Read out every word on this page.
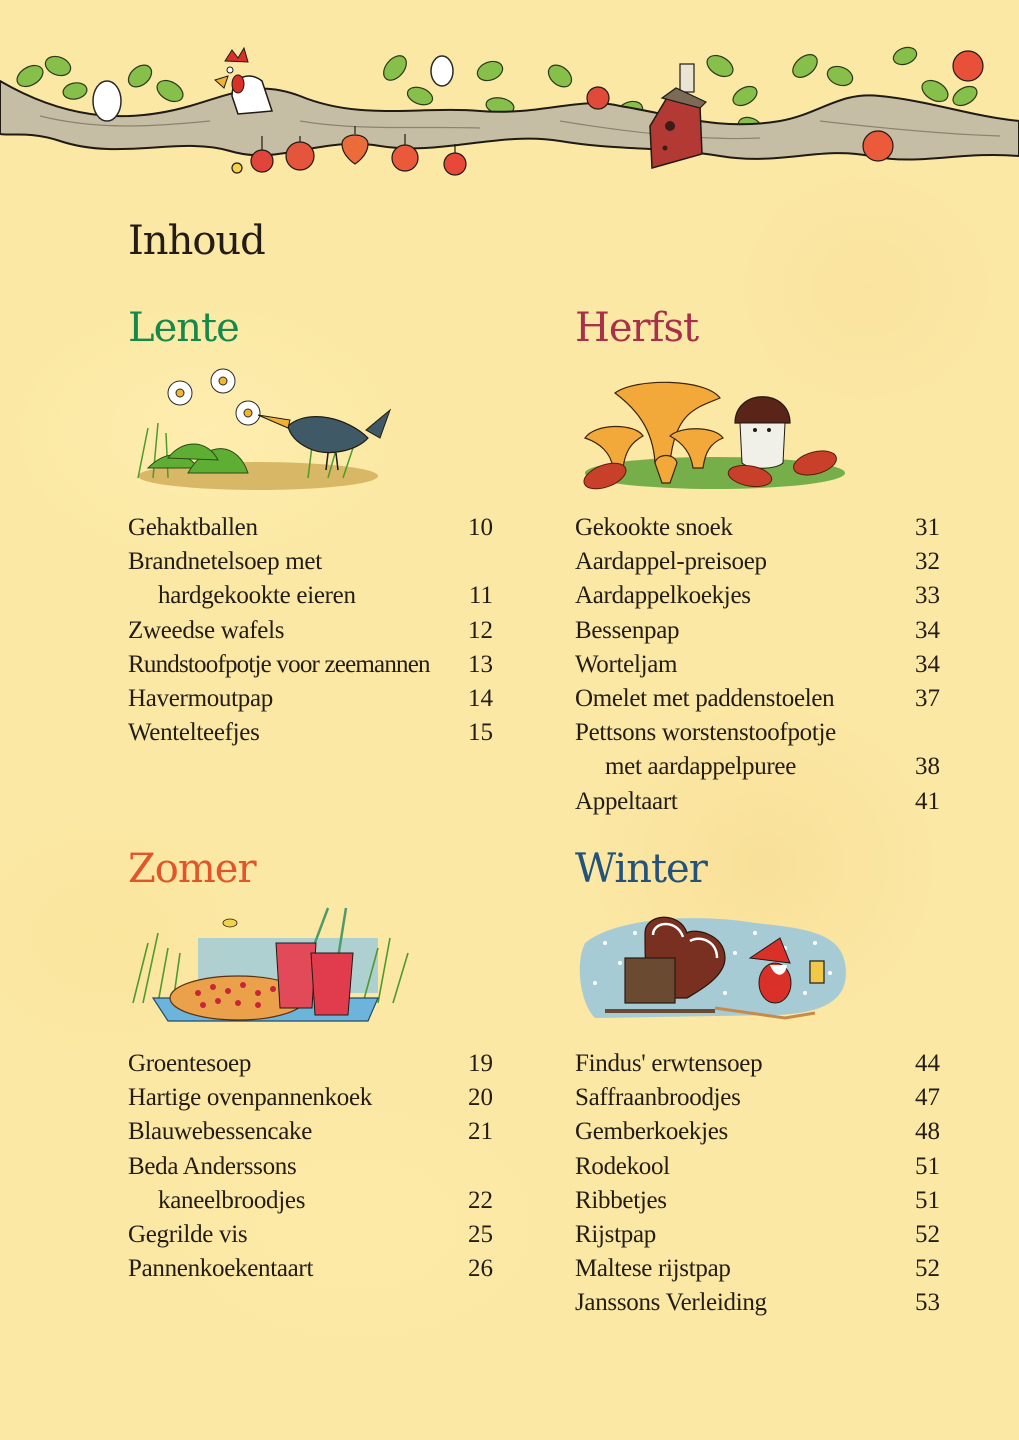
Inhoud
Lente
Gehaktballen	10
Brandnetelsoep met
hardgekookte eieren	11
Zweedse wafels	12
Rundstoofpotje voor zeemannen 13
Havermoutpap	14
Wentelteefjes	15
Herfst
Gekookte snoek	31
Aardappel-preisoep	32
Aardappelkoekjes	33
Bessenpap	34
Worteljam	34
Omelet met paddenstoelen	37
Pettsons worstenstoofpotje
met aardappelpuree	38
Appeltaart	41
Zomer
Groentesoep	19
Hartige ovenpannenkoek	20
Blauwebessencake	21
Beda Anderssons
kaneelbroodjes	22
Gegrilde vis	25
Pannenkoekentaart	26
Winter
Findus' erwtensoep	44
Saffraanbroodjes	47
Gemberkoekjes	48
Rodekool	51
Ribbetjes	51
Rijstpap	52
Maltese rijstpap	52
Janssons Verleiding	53
